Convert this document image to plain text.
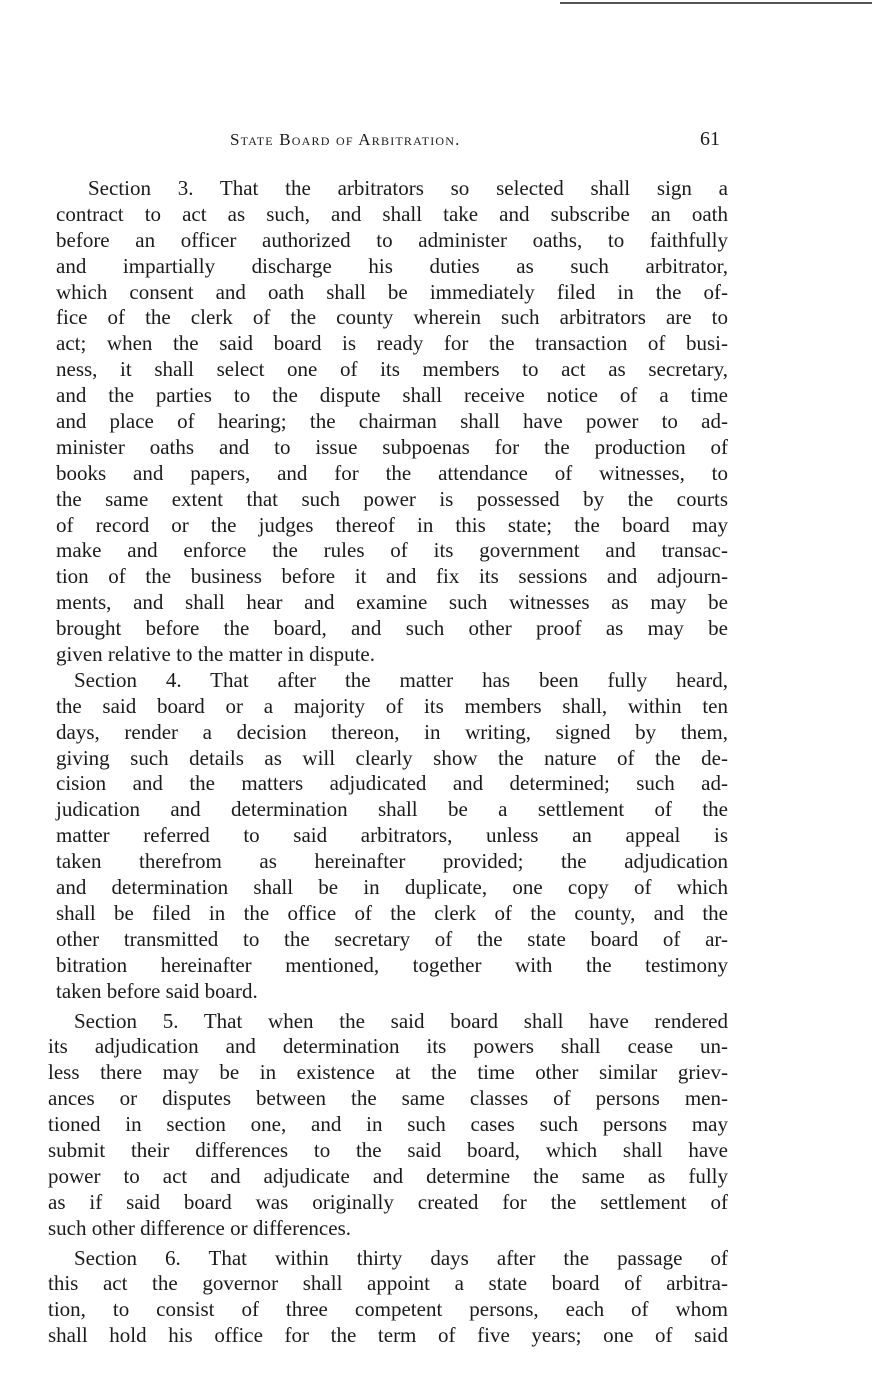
State Board of Arbitration.	61
Section 3. That the arbitrators so selected shall sign a
contract to act as such, and shall take and subscribe an oath
before an officer authorized to administer oaths, to faithfully
and impartially discharge his duties as such arbitrator,
which consent and oath shall be immediately filed in the of-
fice of the clerk of the county wherein such arbitrators are to
act; when the said board is ready for the transaction of busi-
ness, it shall select one of its members to act as secretary,
and the parties to the dispute shall receive notice of a time
and place of hearing; the chairman shall have power to ad-
minister oaths and to issue subpoenas for the production of
books and papers, and for the attendance of witnesses, to
the same extent that such power is possessed by the courts
of record or the judges thereof in this state; the board may
make and enforce the rules of its government and transac-
tion of the business before it and fix its sessions and adjourn-
ments, and shall hear and examine such witnesses as may be
brought before the board, and such other proof as may be
given relative to the matter in dispute.
Section 4. That after the matter has been fully heard,
the said board or a majority of its members shall, within ten
days, render a decision thereon, in writing, signed by them,
giving such details as will clearly show the nature of the de-
cision and the matters adjudicated and determined; such ad-
judication and determination shall be a settlement of the
matter referred to said arbitrators, unless an appeal is
taken therefrom as hereinafter provided; the adjudication
and determination shall be in duplicate, one copy of which
shall be filed in the office of the clerk of the county, and the
other transmitted to the secretary of the state board of ar-
bitration hereinafter mentioned, together with the testimony
taken before said board.
Section 5. That when the said board shall have rendered
its adjudication and determination its powers shall cease un-
less there may be in existence at the time other similar griev-
ances or disputes between the same classes of persons men-
tioned in section one, and in such cases such persons may
submit their differences to the said board, which shall have
power to act and adjudicate and determine the same as fully
as if said board was originally created for the settlement of
such other difference or differences.
Section 6. That within thirty days after the passage of
this act the governor shall appoint a state board of arbitra-
tion, to consist of three competent persons, each of whom
shall hold his office for the term of five years; one of said
